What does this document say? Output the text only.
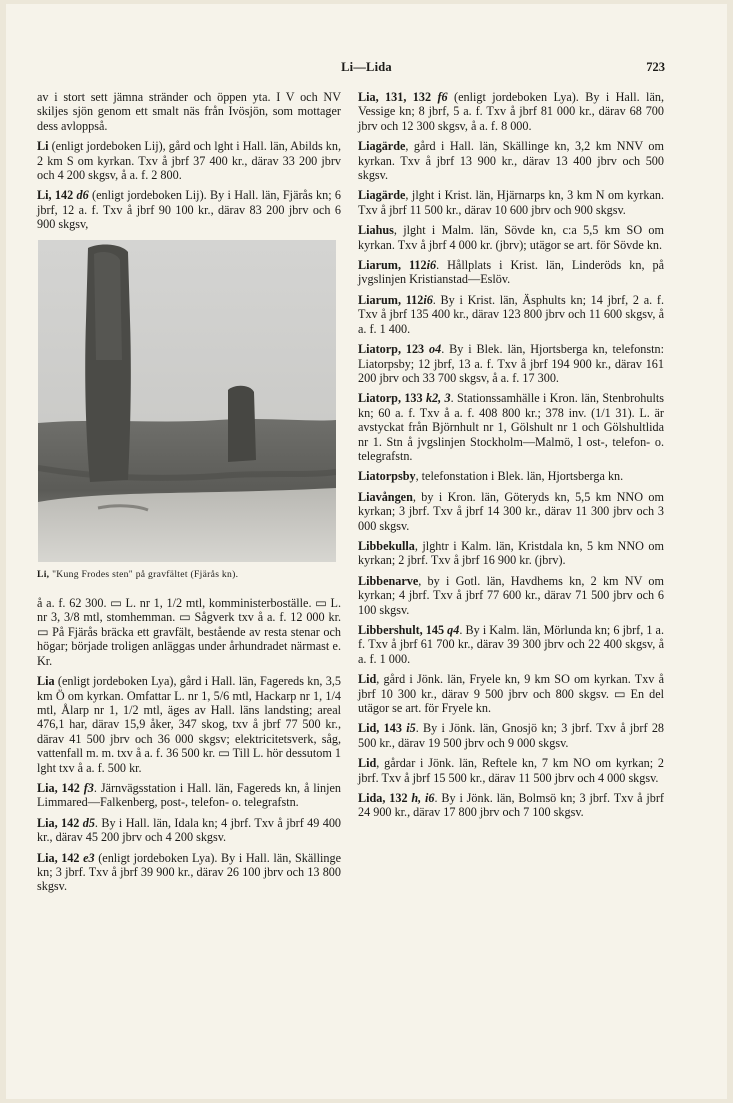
Li—Lida	723
av i stort sett jämna stränder och öppen yta. I V och NV skiljes sjön genom ett smalt näs från Ivösjön, som mottager dess avloppså.
Li (enligt jordeboken Lij), gård och lght i Hall. län, Abilds kn, 2 km S om kyrkan. Txv å jbrf 37 400 kr., därav 33 200 jbrv och 4 200 skgsv, å a. f. 2 800.
Li, 142 d6 (enligt jordeboken Lij). By i Hall. län, Fjärås kn; 6 jbrf, 12 a. f. Txv å jbrf 90 100 kr., därav 83 200 jbrv och 6 900 skgsv,
Li, "Kung Frodes sten" på gravfältet (Fjärås kn).
å a. f. 62 300. ▭ L. nr 1, 1/2 mtl, komministerboställe. ▭ L. nr 3, 3/8 mtl, stomhemman. ▭ Sågverk txv å a. f. 12 000 kr. ▭ På Fjärås bräcka ett gravfält, bestående av resta stenar och högar; började troligen anläggas under århundradet närmast e. Kr.
Lia (enligt jordeboken Lya), gård i Hall. län, Fagereds kn, 3,5 km Ö om kyrkan. Omfattar L. nr 1, 5/6 mtl, Hackarp nr 1, 1/4 mtl, Ålarp nr 1, 1/2 mtl, äges av Hall. läns landsting; areal 476,1 har, därav 15,9 åker, 347 skog, txv å jbrf 77 500 kr., därav 41 500 jbrv och 36 000 skgsv; elektricitetsverk, såg, vattenfall m. m. txv å a. f. 36 500 kr. ▭ Till L. hör dessutom 1 lght txv å a. f. 500 kr.
Lia, 142 f3. Järnvägsstation i Hall. län, Fagereds kn, å linjen Limmared—Falkenberg, post-, telefon- o. telegrafstn.
Lia, 142 d5. By i Hall. län, Idala kn; 4 jbrf. Txv å jbrf 49 400 kr., därav 45 200 jbrv och 4 200 skgsv.
Lia, 142 e3 (enligt jordeboken Lya). By i Hall. län, Skällinge kn; 3 jbrf. Txv å jbrf 39 900 kr., därav 26 100 jbrv och 13 800 skgsv.
Lia, 131, 132 f6 (enligt jordeboken Lya). By i Hall. län, Vessige kn; 8 jbrf, 5 a. f. Txv å jbrf 81 000 kr., därav 68 700 jbrv och 12 300 skgsv, å a. f. 8 000.
Liagärde, gård i Hall. län, Skällinge kn, 3,2 km NNV om kyrkan. Txv å jbrf 13 900 kr., därav 13 400 jbrv och 500 skgsv.
Liagärde, jlght i Krist. län, Hjärnarps kn, 3 km N om kyrkan. Txv å jbrf 11 500 kr., därav 10 600 jbrv och 900 skgsv.
Liahus, jlght i Malm. län, Sövde kn, c:a 5,5 km SO om kyrkan. Txv å jbrf 4 000 kr. (jbrv); utägor se art. för Sövde kn.
Liarum, 112i6. Hållplats i Krist. län, Linderöds kn, på jvgslinjen Kristianstad—Eslöv.
Liarum, 112i6. By i Krist. län, Äsphults kn; 14 jbrf, 2 a. f. Txv å jbrf 135 400 kr., därav 123 800 jbrv och 11 600 skgsv, å a. f. 1 400.
Liatorp, 123 o4. By i Blek. län, Hjortsberga kn, telefonstn: Liatorpsby; 12 jbrf, 13 a. f. Txv å jbrf 194 900 kr., därav 161 200 jbrv och 33 700 skgsv, å a. f. 17 300.
Liatorp, 133 k2, 3. Stationssamhälle i Kron. län, Stenbrohults kn; 60 a. f. Txv å a. f. 408 800 kr.; 378 inv. (1/1 31). L. är avstyckat från Björnhult nr 1, Gölshult nr 1 och Gölshultlida nr 1. Stn å jvgslinjen Stockholm—Malmö, ⅼ ost-, telefon- o. telegrafstn.
Liatorpsby, telefonstation i Blek. län, Hjortsberga kn.
Liavången, by i Kron. län, Göteryds kn, 5,5 km NNO om kyrkan; 3 jbrf. Txv å jbrf 14 300 kr., därav 11 300 jbrv och 3 000 skgsv.
Libbekulla, jlghtr i Kalm. län, Kristdala kn, 5 km NNO om kyrkan; 2 jbrf. Txv å jbrf 16 900 kr. (jbrv).
Libbenarve, by i Gotl. län, Havdhems kn, 2 km NV om kyrkan; 4 jbrf. Txv å jbrf 77 600 kr., därav 71 500 jbrv och 6 100 skgsv.
Libbershult, 145 q4. By i Kalm. län, Mörlunda kn; 6 jbrf, 1 a. f. Txv å jbrf 61 700 kr., därav 39 300 jbrv och 22 400 skgsv, å a. f. 1 000.
Lid, gård i Jönk. län, Fryele kn, 9 km SO om kyrkan. Txv å jbrf 10 300 kr., därav 9 500 jbrv och 800 skgsv. ▭ En del utägor se art. för Fryele kn.
Lid, 143 i5. By i Jönk. län, Gnosjö kn; 3 jbrf. Txv å jbrf 28 500 kr., därav 19 500 jbrv och 9 000 skgsv.
Lid, gårdar i Jönk. län, Reftele kn, 7 km NO om kyrkan; 2 jbrf. Txv å jbrf 15 500 kr., därav 11 500 jbrv och 4 000 skgsv.
Lida, 132 h, i6. By i Jönk. län, Bolmsö kn; 3 jbrf. Txv å jbrf 24 900 kr., därav 17 800 jbrv och 7 100 skgsv.
